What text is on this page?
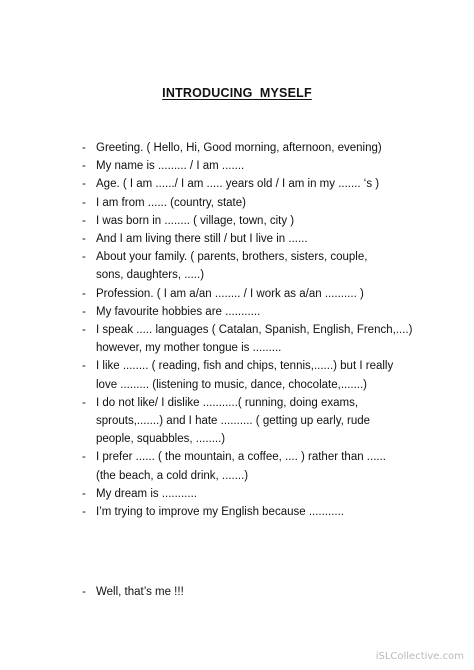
INTRODUCING  MYSELF
- Greeting. ( Hello, Hi, Good morning, afternoon, evening)
- My name is ......... / I am .......
- Age. ( I am ....../ I am ..... years old / I am in my ....... ‘s )
- I am from ...... (country, state)
- I was born in ........ ( village, town, city )
- And I am living there still / but I live in ......
- About your family. ( parents, brothers, sisters, couple,
sons, daughters, .....)
- Profession. ( I am a/an ........ / I work as a/an .......... )
- My favourite hobbies are ...........
- I speak ..... languages ( Catalan, Spanish, English, French,....)
however, my mother tongue is .........
- I like ........ ( reading, fish and chips, tennis,......) but I really
love ......... (listening to music, dance, chocolate,.......)
- I do not like/ I dislike ...........( running, doing exams,
sprouts,.......) and I hate .......... ( getting up early, rude
people, squabbles, ........)
- I prefer ...... ( the mountain, a coffee, .... ) rather than ......
(the beach, a cold drink, .......)
- My dream is ...........
- I’m trying to improve my English because ...........
- Well, that’s me !!!
iSLCollective.com
